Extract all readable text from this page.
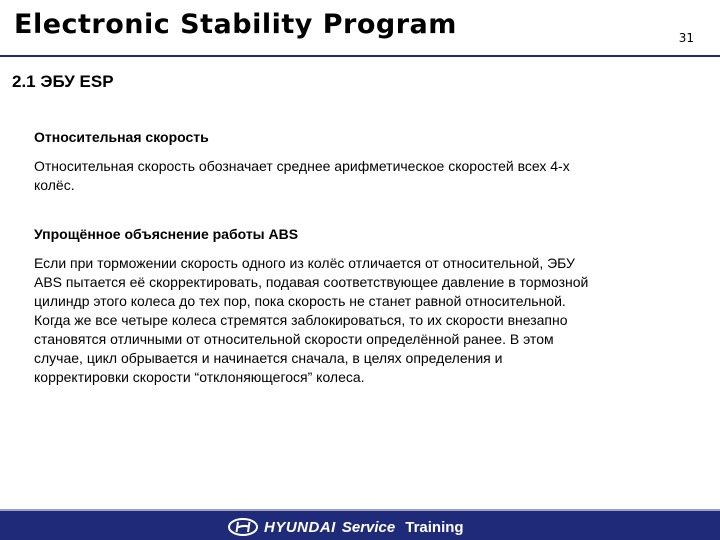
Electronic Stability Program	31
2.1 ЭБУ ESP

Относительная скорость

Относительная скорость обозначает среднее арифметическое скоростей всех 4-х
колёс.

Упрощённое объяснение работы ABS

Если при торможении скорость одного из колёс отличается от относительной, ЭБУ
ABS пытается её скорректировать, подавая соответствующее давление в тормозной
цилиндр этого колеса до тех пор, пока скорость не станет равной относительной.
Когда же все четыре колеса стремятся заблокироваться, то их скорости внезапно
становятся отличными от относительной скорости определённой ранее. В этом
случае, цикл обрывается и начинается сначала, в целях определения и
корректировки скорости “отклоняющегося” колеса.

HYUNDAI Service Training
